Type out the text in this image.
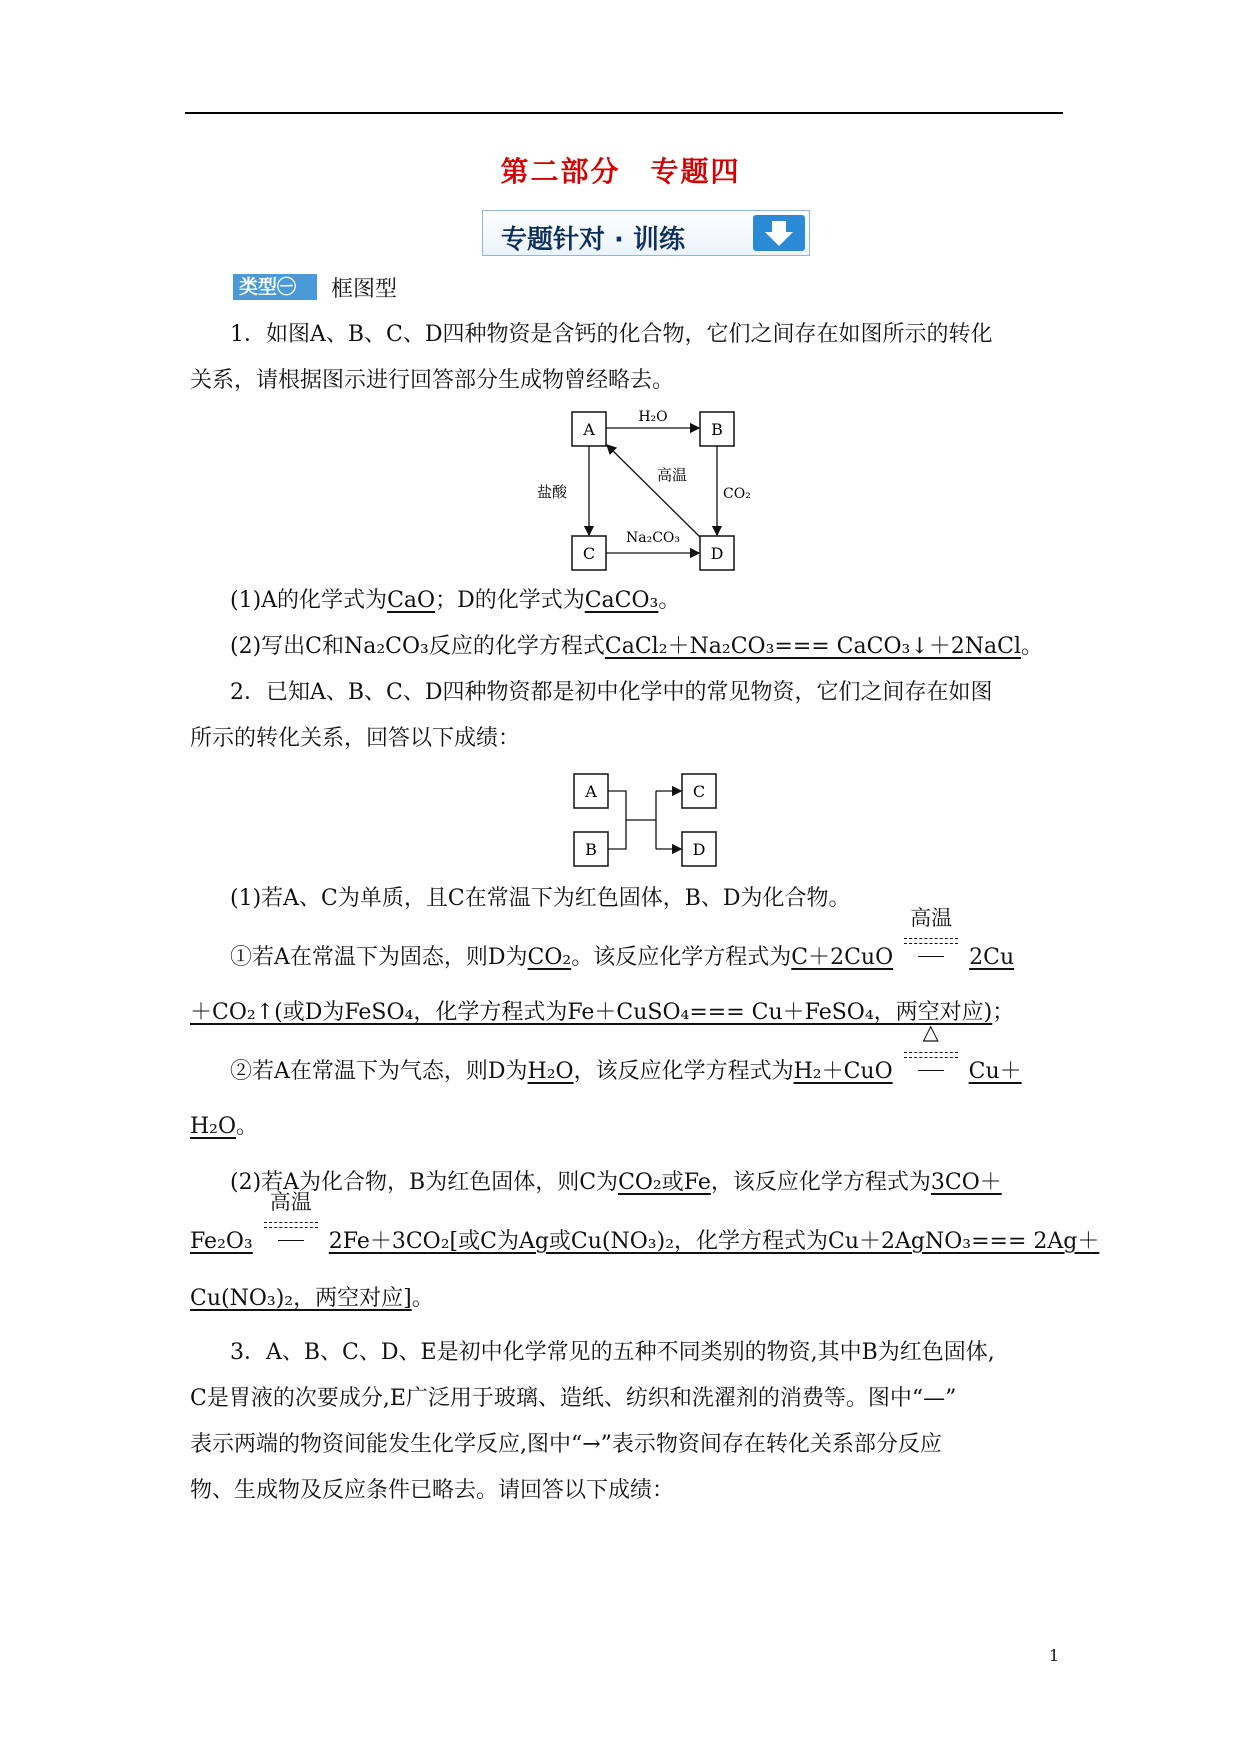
第二部分　专题四
专题针对 · 训练
类型㊀	框图型
1．如图A、B、C、D四种物资是含钙的化合物，它们之间存在如图所示的转化
关系，请根据图示进行回答部分生成物曾经略去。
A	B
C	D
H₂O
高温
CO₂
盐酸
Na₂CO₃
(1)A的化学式为CaO；D的化学式为CaCO₃。
(2)写出C和Na₂CO₃反应的化学方程式CaCl₂＋Na₂CO₃=== CaCO₃↓＋2NaCl。
2．已知A、B、C、D四种物资都是初中化学中的常见物资，它们之间存在如图
所示的转化关系，回答以下成绩：
A
B
C
D
(1)若A、C为单质，且C在常温下为红色固体，B、D为化合物。
①若A在常温下为固态，则D为CO₂。该反应化学方程式为C＋2CuO
高温
2Cu
＋CO₂↑(或D为FeSO₄，化学方程式为Fe＋CuSO₄=== Cu＋FeSO₄，两空对应)；
②若A在常温下为气态，则D为H₂O，该反应化学方程式为H₂＋CuO
△
Cu＋
H₂O。
(2)若A为化合物，B为红色固体，则C为CO₂或Fe，该反应化学方程式为3CO＋
Fe₂O₃
高温
2Fe＋3CO₂[或C为Ag或Cu(NO₃)₂，化学方程式为Cu＋2AgNO₃=== 2Ag＋
Cu(NO₃)₂，两空对应]。
3．A、B、C、D、E是初中化学常见的五种不同类别的物资,其中B为红色固体,
C是胃液的次要成分,E广泛用于玻璃、造纸、纺织和洗濯剂的消费等。图中“—”
表示两端的物资间能发生化学反应,图中“→”表示物资间存在转化关系部分反应
物、生成物及反应条件已略去。请回答以下成绩：
1
